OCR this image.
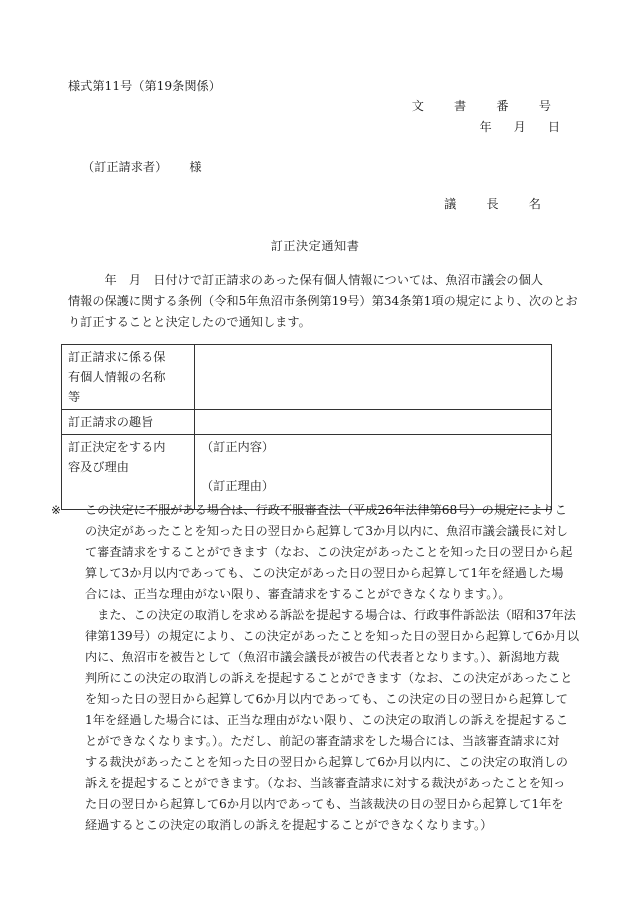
様式第11号（第19条関係）
文　書　番　号
年 月 日
（訂正請求者） 様
議　長　名
訂正決定通知書
　　　年　月　日付けで訂正請求のあった保有個人情報については、魚沼市議会の個人
情報の保護に関する条例（令和5年魚沼市条例第19号）第34条第1項の規定により、次のとお
り訂正することと決定したので通知します。
訂正請求に係る保
有個人情報の名称
等	

訂正請求の趣旨	

訂正決定をする内
容及び理由	（訂正内容）
（訂正理由）
※ この決定に不服がある場合は、行政不服審査法（平成26年法律第68号）の規定によりこ
の決定があったことを知った日の翌日から起算して3か月以内に、魚沼市議会議長に対し
て審査請求をすることができます（なお、この決定があったことを知った日の翌日から起
算して3か月以内であっても、この決定があった日の翌日から起算して1年を経過した場
合には、正当な理由がない限り、審査請求をすることができなくなります。）。
　また、この決定の取消しを求める訴訟を提起する場合は、行政事件訴訟法（昭和37年法
律第139号）の規定により、この決定があったことを知った日の翌日から起算して6か月以
内に、魚沼市を被告として（魚沼市議会議長が被告の代表者となります。）、新潟地方裁
判所にこの決定の取消しの訴えを提起することができます（なお、この決定があったこと
を知った日の翌日から起算して6か月以内であっても、この決定の日の翌日から起算して
1年を経過した場合には、正当な理由がない限り、この決定の取消しの訴えを提起するこ
とができなくなります。）。ただし、前記の審査請求をした場合には、当該審査請求に対
する裁決があったことを知った日の翌日から起算して6か月以内に、この決定の取消しの
訴えを提起することができます。（なお、当該審査請求に対する裁決があったことを知っ
た日の翌日から起算して6か月以内であっても、当該裁決の日の翌日から起算して1年を
経過するとこの決定の取消しの訴えを提起することができなくなります。）
